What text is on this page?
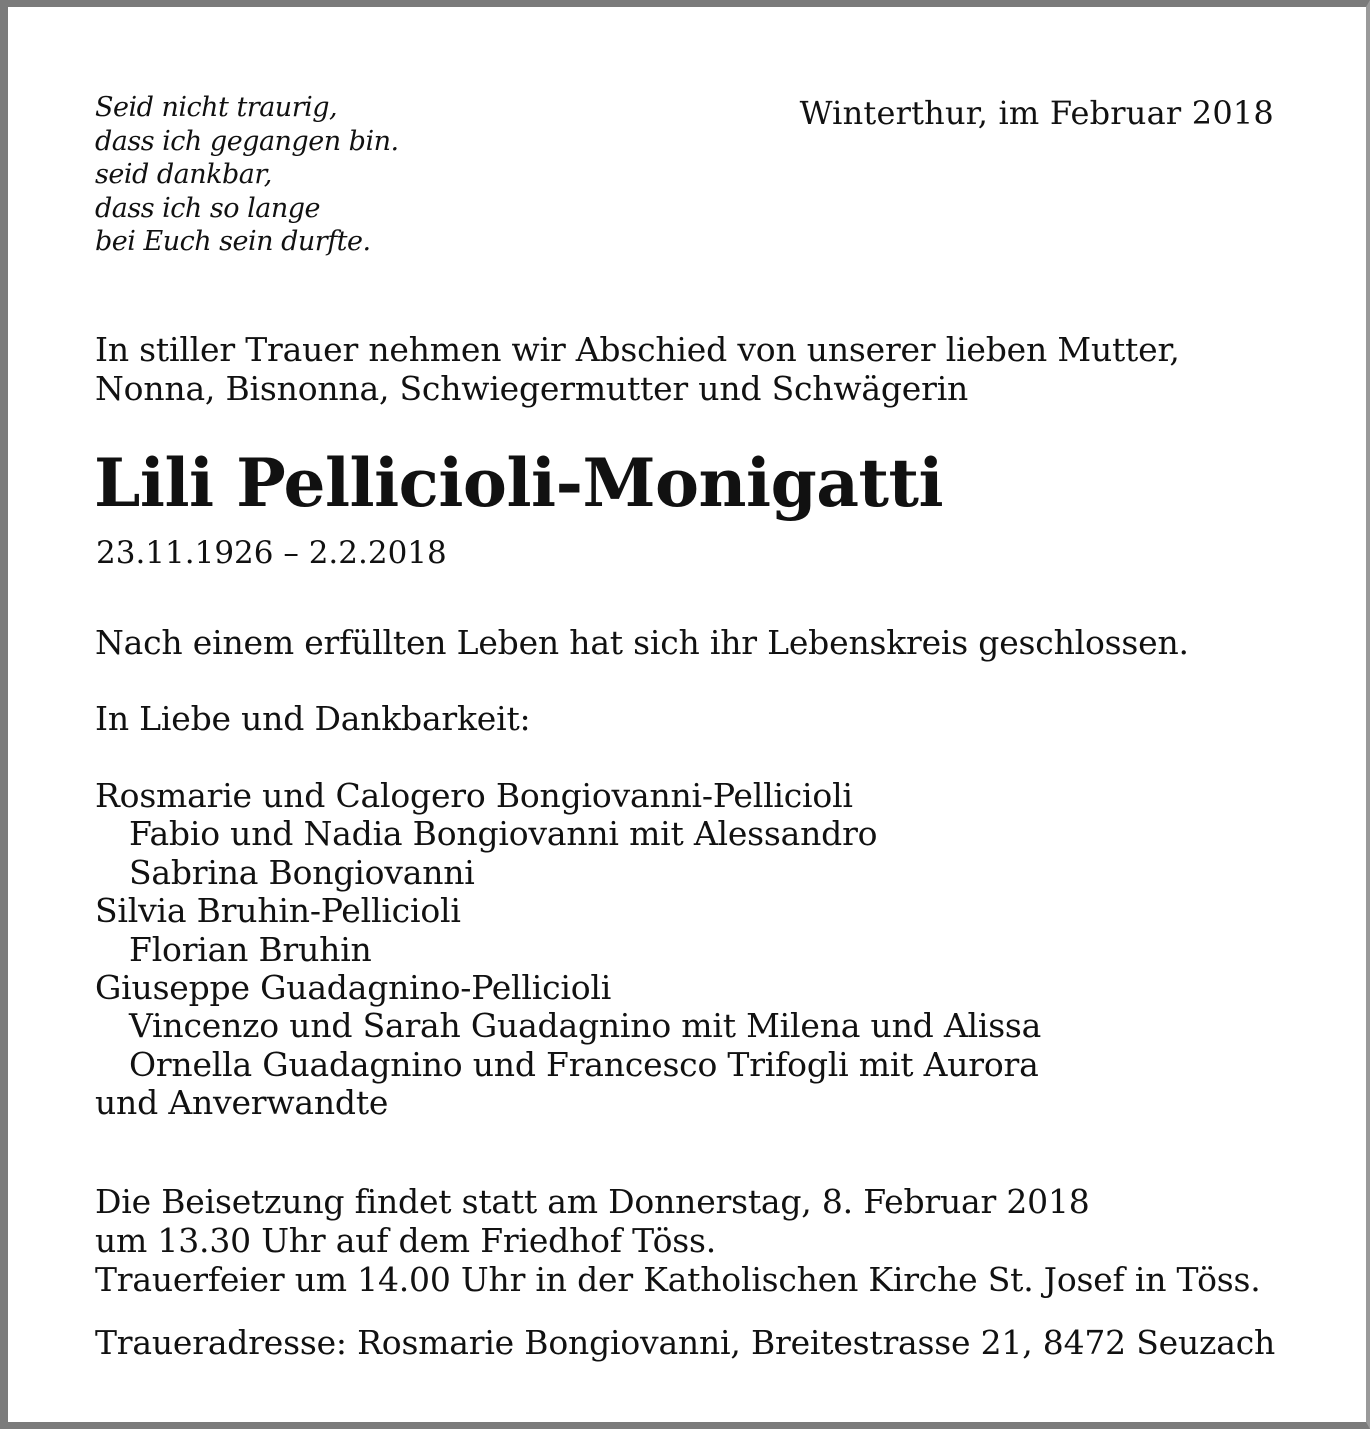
Seid nicht traurig,
dass ich gegangen bin.
seid dankbar,
dass ich so lange
bei Euch sein durfte.
Winterthur, im Februar 2018
In stiller Trauer nehmen wir Abschied von unserer lieben Mutter,
Nonna, Bisnonna, Schwiegermutter und Schwägerin
Lili Pellicioli-Monigatti
23.11.1926 – 2.2.2018
Nach einem erfüllten Leben hat sich ihr Lebenskreis geschlossen.
In Liebe und Dankbarkeit:
Rosmarie und Calogero Bongiovanni-Pellicioli
Fabio und Nadia Bongiovanni mit Alessandro
Sabrina Bongiovanni
Silvia Bruhin-Pellicioli
Florian Bruhin
Giuseppe Guadagnino-Pellicioli
Vincenzo und Sarah Guadagnino mit Milena und Alissa
Ornella Guadagnino und Francesco Trifogli mit Aurora
und Anverwandte
Die Beisetzung findet statt am Donnerstag, 8. Februar 2018
um 13.30 Uhr auf dem Friedhof Töss.
Trauerfeier um 14.00 Uhr in der Katholischen Kirche St. Josef in Töss.
Traueradresse: Rosmarie Bongiovanni, Breitestrasse 21, 8472 Seuzach
